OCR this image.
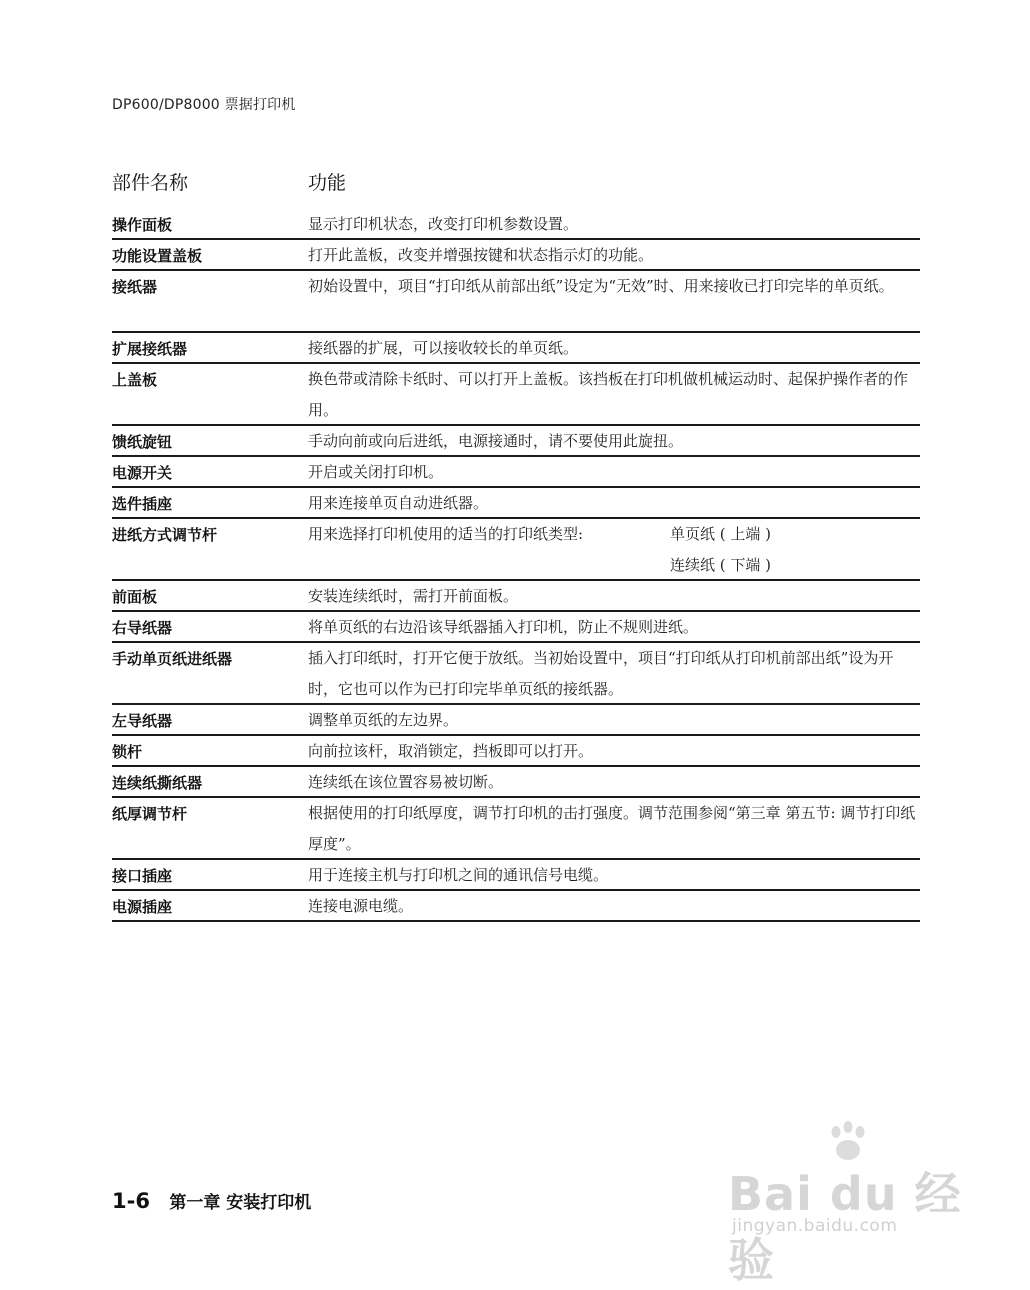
DP600/DP8000 票据打印机
部件名称	功能
操作面板	显示打印机状态，改变打印机参数设置。
功能设置盖板	打开此盖板，改变并增强按键和状态指示灯的功能。
接纸器	初始设置中，项目“打印纸从前部出纸”设定为“无效”时、用来接收已打印完毕的单页纸。
扩展接纸器	接纸器的扩展，可以接收较长的单页纸。
上盖板	换色带或清除卡纸时、可以打开上盖板。该挡板在打印机做机械运动时、起保护操作者的作用。
馈纸旋钮	手动向前或向后进纸，电源接通时，请不要使用此旋扭。
电源开关	开启或关闭打印机。
选件插座	用来连接单页自动进纸器。
进纸方式调节杆	用来选择打印机使用的适当的打印纸类型:	单页纸 ( 上端 )
连续纸 ( 下端 )
前面板	安装连续纸时，需打开前面板。
右导纸器	将单页纸的右边沿该导纸器插入打印机，防止不规则进纸。
手动单页纸进纸器	插入打印纸时，打开它便于放纸。当初始设置中，项目“打印纸从打印机前部出纸”设为开时，它也可以作为已打印完毕单页纸的接纸器。
左导纸器	调整单页纸的左边界。
锁杆	向前拉该杆，取消锁定，挡板即可以打开。
连续纸撕纸器	连续纸在该位置容易被切断。
纸厚调节杆	根据使用的打印纸厚度，调节打印机的击打强度。调节范围参阅“第三章 第五节: 调节打印纸厚度”。
接口插座	用于连接主机与打印机之间的通讯信号电缆。
电源插座	连接电源电缆。
1-6 第一章 安装打印机	Bai du 经验
jingyan.baidu.com
